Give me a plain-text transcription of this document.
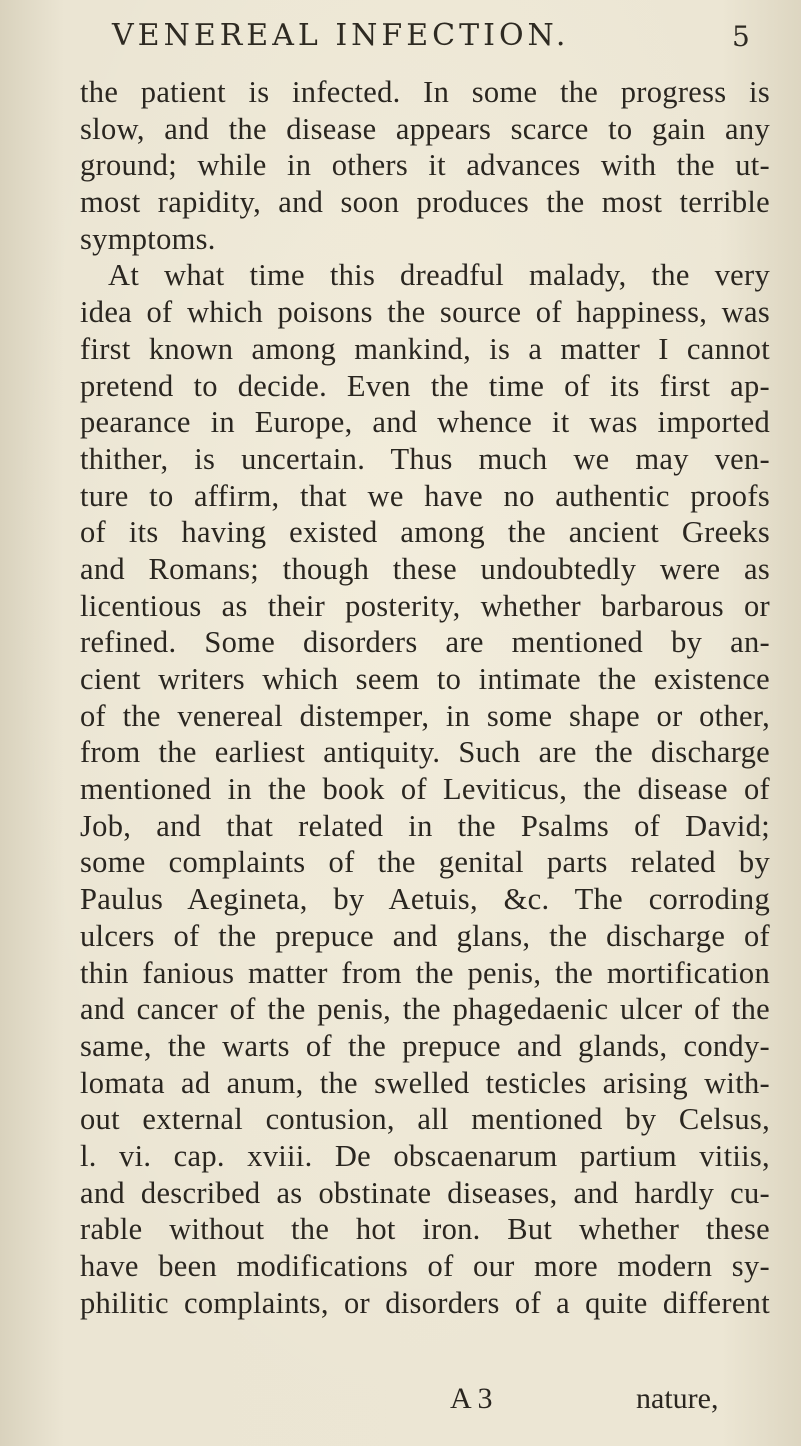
VENEREAL INFECTION.	5
the patient is infected. In some the progress is
slow, and the disease appears scarce to gain any
ground; while in others it advances with the ut-
most rapidity, and soon produces the most terrible
symptoms.
At what time this dreadful malady, the very
idea of which poisons the source of happiness, was
first known among mankind, is a matter I cannot
pretend to decide. Even the time of its first ap-
pearance in Europe, and whence it was imported
thither, is uncertain. Thus much we may ven-
ture to affirm, that we have no authentic proofs
of its having existed among the ancient Greeks
and Romans; though these undoubtedly were as
licentious as their posterity, whether barbarous or
refined. Some disorders are mentioned by an-
cient writers which seem to intimate the existence
of the venereal distemper, in some shape or other,
from the earliest antiquity. Such are the discharge
mentioned in the book of Leviticus, the disease of
Job, and that related in the Psalms of David;
some complaints of the genital parts related by
Paulus Aegineta, by Aetuis, &c. The corroding
ulcers of the prepuce and glans, the discharge of
thin fanious matter from the penis, the mortification
and cancer of the penis, the phagedaenic ulcer of the
same, the warts of the prepuce and glands, condy-
lomata ad anum, the swelled testicles arising with-
out external contusion, all mentioned by Celsus,
l. vi. cap. xviii. De obscaenarum partium vitiis,
and described as obstinate diseases, and hardly cu-
rable without the hot iron. But whether these
have been modifications of our more modern sy-
philitic complaints, or disorders of a quite different
A 3	nature,
